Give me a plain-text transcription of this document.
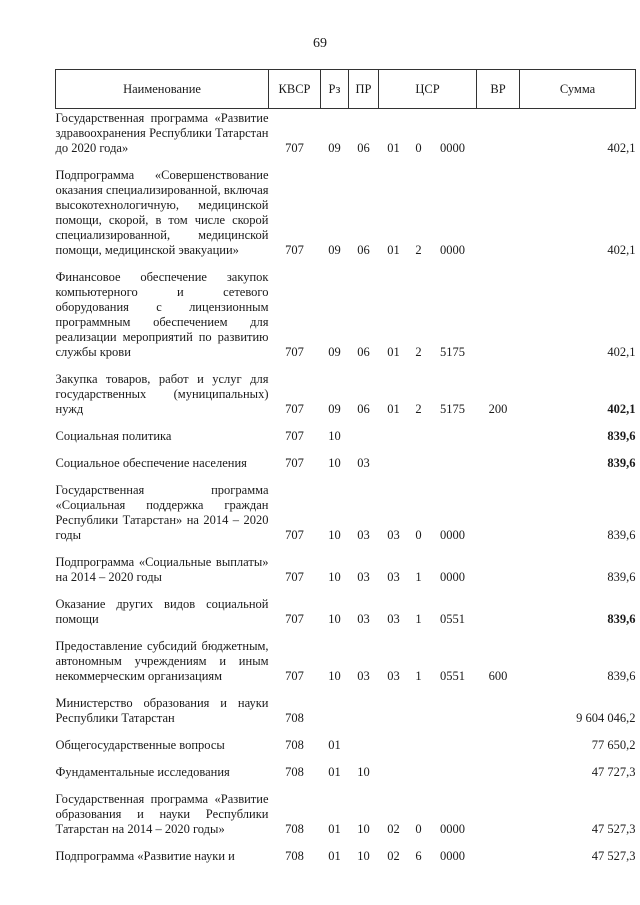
69
Наименование	КВСР	Рз	ПР	ЦСР			ВР	Сумма
Государственная программа «Развитие здравоохранения Республики Татарстан до 2020 года»	707	09	06	01	0	0000		402,1
Подпрограмма «Совершенствование оказания специализированной, включая высокотехнологичную, медицинской помощи, скорой, в том числе скорой специализированной, медицинской помощи, медицинской эвакуации»	707	09	06	01	2	0000		402,1
Финансовое обеспечение закупок компьютерного и сетевого оборудования с лицензионным программным обеспечением для реализации мероприятий по развитию службы крови	707	09	06	01	2	5175		402,1
Закупка товаров, работ и услуг для государственных (муниципальных) нужд	707	09	06	01	2	5175	200	402,1
Социальная политика	707	10						839,6
Социальное обеспечение населения	707	10	03					839,6
Государственная программа «Социальная поддержка граждан Республики Татарстан» на 2014 – 2020 годы	707	10	03	03	0	0000		839,6
Подпрограмма «Социальные выплаты» на 2014 – 2020 годы	707	10	03	03	1	0000		839,6
Оказание других видов социальной помощи	707	10	03	03	1	0551		839,6
Предоставление субсидий бюджетным, автономным учреждениям и иным некоммерческим организациям	707	10	03	03	1	0551	600	839,6
Министерство образования и науки Республики Татарстан	708							9 604 046,2
Общегосударственные вопросы	708	01						77 650,2
Фундаментальные исследования	708	01	10					47 727,3
Государственная программа «Развитие образования и науки Республики Татарстан на 2014 – 2020 годы»	708	01	10	02	0	0000		47 527,3
Подпрограмма «Развитие науки и	708	01	10	02	6	0000		47 527,3
